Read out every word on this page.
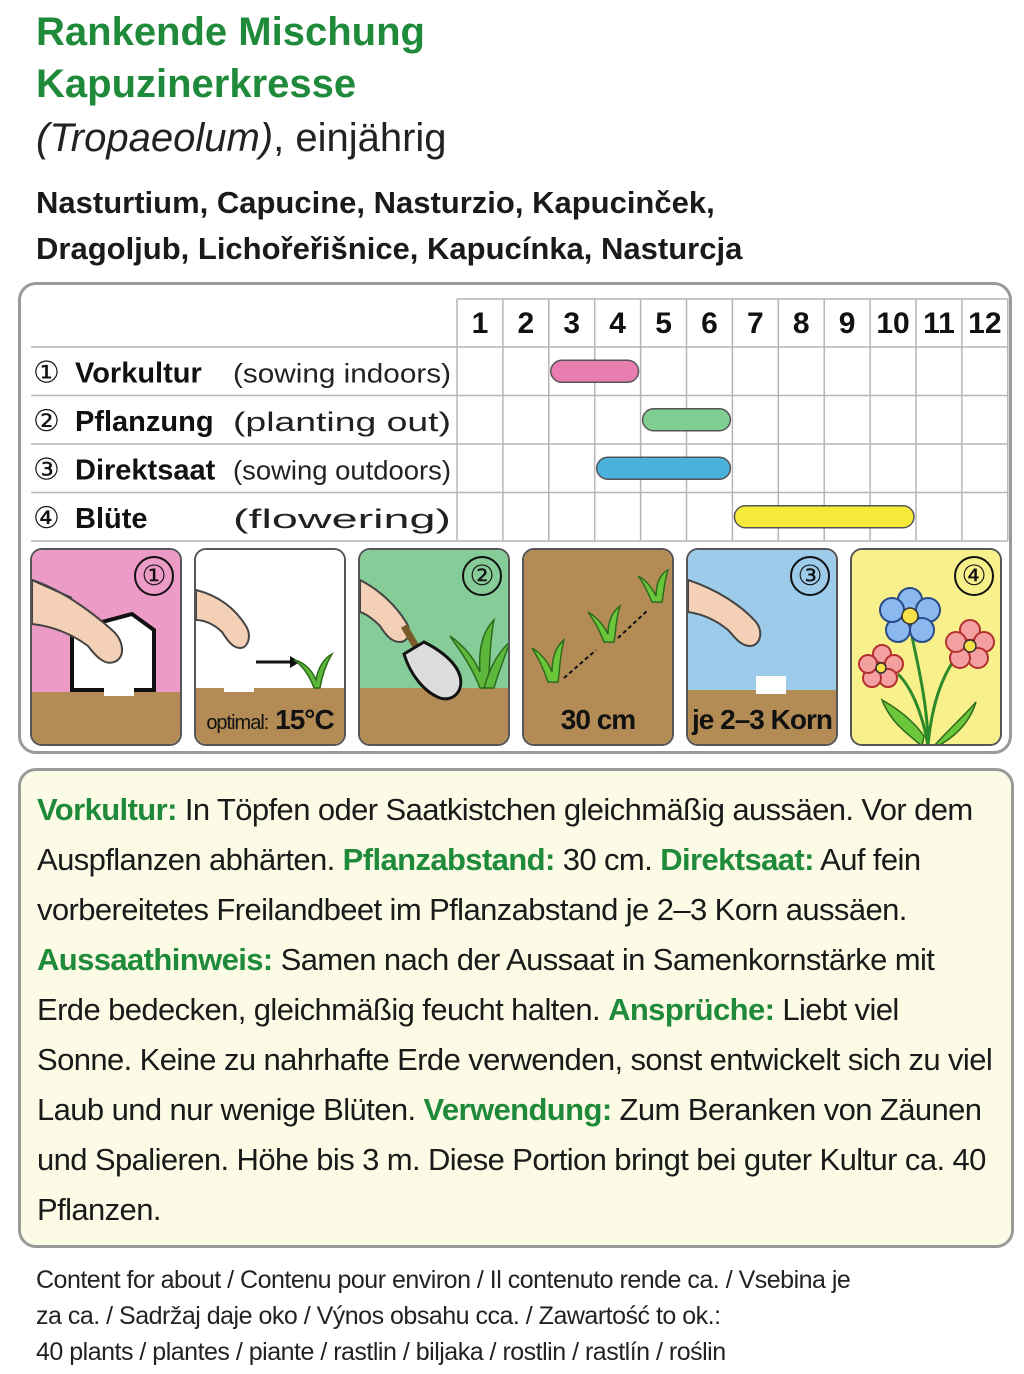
Rankende Mischung
Kapuzinerkresse
(Tropaeolum), einjährig
Nasturtium, Capucine, Nasturzio, Kapucinček,
Dragoljub, Lichořeřišnice, Kapucínka, Nasturcja
1 2 3 4 5 6 7 8 9 10 11 12
① Vorkultur (sowing indoors)
② Pflanzung (planting out)
③ Direktsaat (sowing outdoors)
④ Blüte	(flowering)
①
optimal: 15°C
②
30 cm
③
je 2–3 Korn
④
Vorkultur: In Töpfen oder Saatkistchen gleichmäßig aussäen. Vor dem Auspflanzen abhärten. Pflanzabstand: 30 cm. Direktsaat: Auf fein vorbereitetes Freilandbeet im Pflanzabstand je 2–3 Korn aussäen. Aussaathinweis: Samen nach der Aussaat in Samenkornstärke mit Erde bedecken, gleichmäßig feucht halten. Ansprüche: Liebt viel Sonne. Keine zu nahrhafte Erde verwenden, sonst entwickelt sich zu viel Laub und nur wenige Blüten. Verwendung: Zum Beranken von Zäunen und Spalieren. Höhe bis 3 m. Diese Portion bringt bei guter Kultur ca. 40 Pflanzen.
Content for about / Contenu pour environ / Il contenuto rende ca. / Vsebina je
za ca. / Sadržaj daje oko / Výnos obsahu cca. / Zawartość to ok.:
40 plants / plantes / piante / rastlin / biljaka / rostlin / rastlín / roślin
